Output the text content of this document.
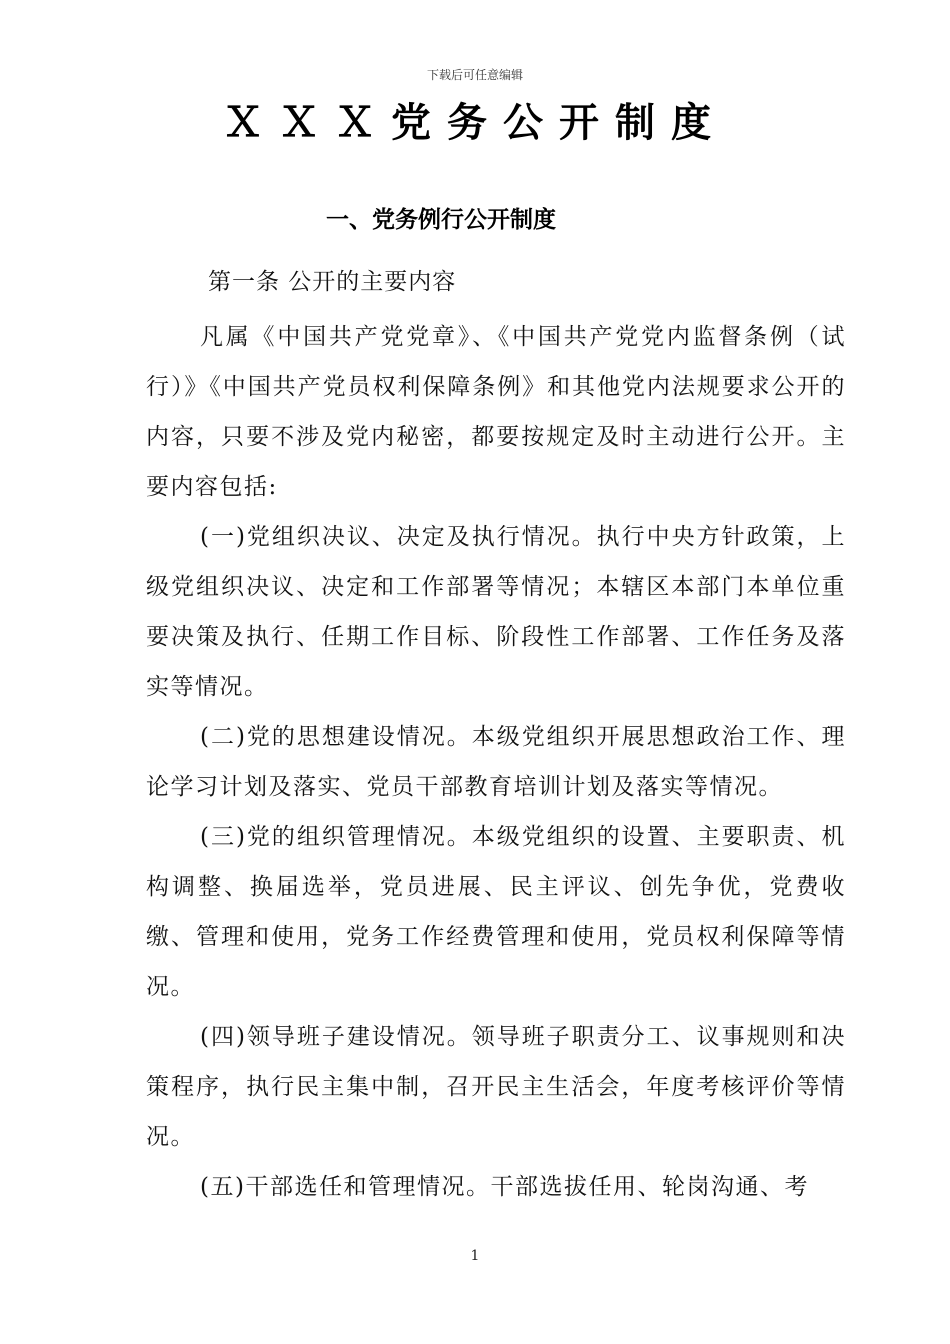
下载后可任意编辑
ＸＸＸ党务公开制度
一、党务例行公开制度
第一条 公开的主要内容

凡属《中国共产党党章》、《中国共产党党内监督条例（试行）》《中国共产党员权利保障条例》和其他党内法规要求公开的内容，只要不涉及党内秘密，都要按规定及时主动进行公开。主要内容包括:

(一)党组织决议、决定及执行情况。执行中央方针政策，上级党组织决议、决定和工作部署等情况；本辖区本部门本单位重要决策及执行、任期工作目标、阶段性工作部署、工作任务及落实等情况。

(二)党的思想建设情况。本级党组织开展思想政治工作、理论学习计划及落实、党员干部教育培训计划及落实等情况。

(三)党的组织管理情况。本级党组织的设置、主要职责、机构调整、换届选举，党员进展、民主评议、创先争优，党费收缴、管理和使用，党务工作经费管理和使用，党员权利保障等情况。

(四)领导班子建设情况。领导班子职责分工、议事规则和决策程序，执行民主集中制，召开民主生活会，年度考核评价等情况。

(五)干部选任和管理情况。干部选拔任用、轮岗沟通、考

1
